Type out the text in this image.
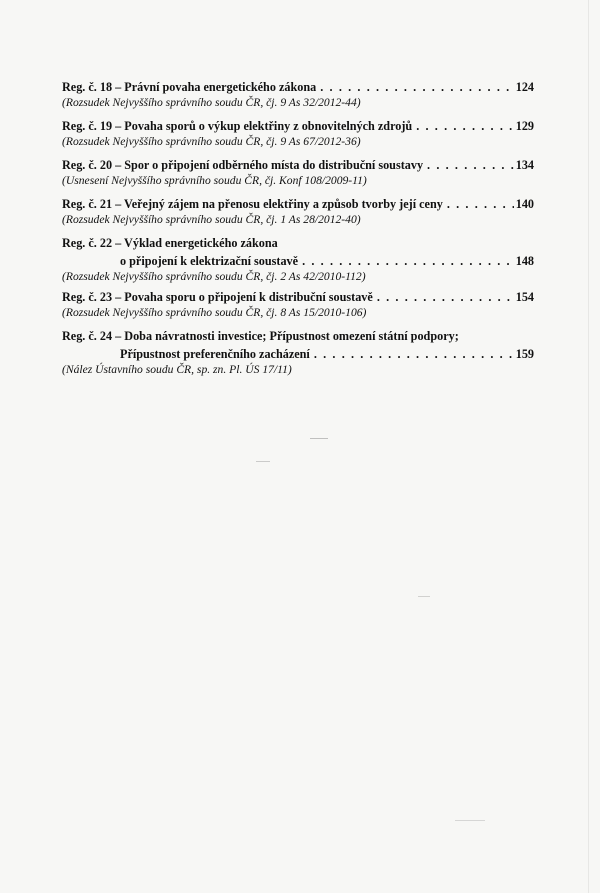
Reg. č. 18 – Právní povaha energetického zákona . . .	124
(Rozsudek Nejvyššího správního soudu ČR, čj. 9 As 32/2012-44)
Reg. č. 19 – Povaha sporů o výkup elektřiny z obnovitelných zdrojů . . .	129
(Rozsudek Nejvyššího správního soudu ČR, čj. 9 As 67/2012-36)
Reg. č. 20 – Spor o připojení odběrného místa do distribuční soustavy . . .	134
(Usnesení Nejvyššího správního soudu ČR, čj. Konf 108/2009-11)
Reg. č. 21 – Veřejný zájem na přenosu elektřiny a způsob tvorby její ceny . . .	140
(Rozsudek Nejvyššího správního soudu ČR, čj. 1 As 28/2012-40)
Reg. č. 22 – Výklad energetického zákona
o připojení k elektrizační soustavě . . .	148
(Rozsudek Nejvyššího správního soudu ČR, čj. 2 As 42/2010-112)
Reg. č. 23 – Povaha sporu o připojení k distribuční soustavě . . .	154
(Rozsudek Nejvyššího správního soudu ČR, čj. 8 As 15/2010-106)
Reg. č. 24 – Doba návratnosti investice; Přípustnost omezení státní podpory;
Přípustnost preferenčního zacházení . . .	159
(Nález Ústavního soudu ČR, sp. zn. Pl. ÚS 17/11)
